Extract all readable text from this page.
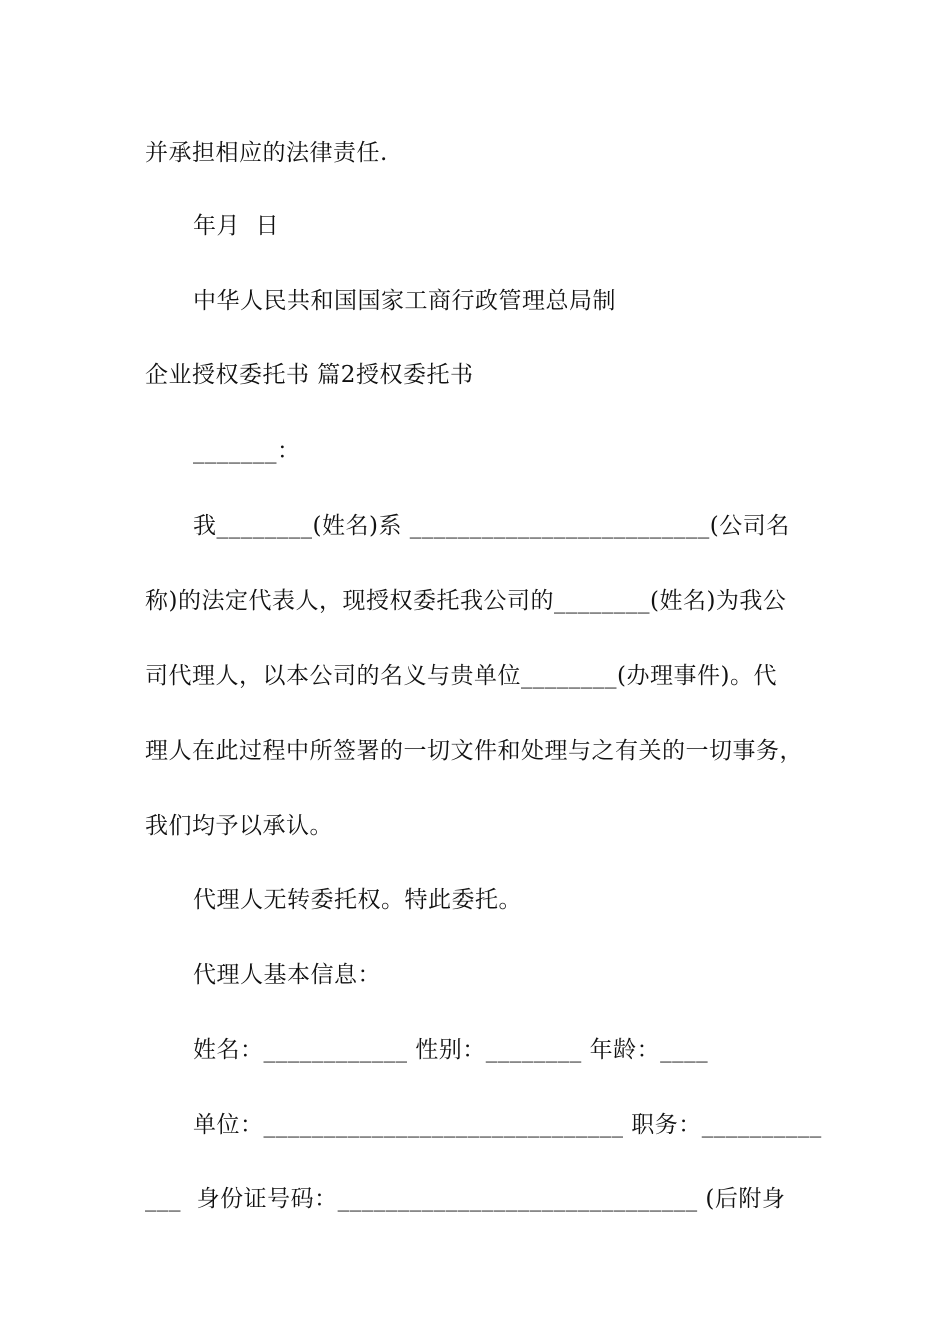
并承担相应的法律责任.
年月  日
中华人民共和国国家工商行政管理总局制
企业授权委托书 篇2授权委托书
_______：
我________(姓名)系 _________________________(公司名
称)的法定代表人，现授权委托我公司的________(姓名)为我公
司代理人，以本公司的名义与贵单位________(办理事件)。代
理人在此过程中所签署的一切文件和处理与之有关的一切事务，
我们均予以承认。
代理人无转委托权。特此委托。
代理人基本信息：
姓名：____________ 性别：________ 年龄：____
单位：______________________________ 职务：__________
___  身份证号码：______________________________ (后附身
